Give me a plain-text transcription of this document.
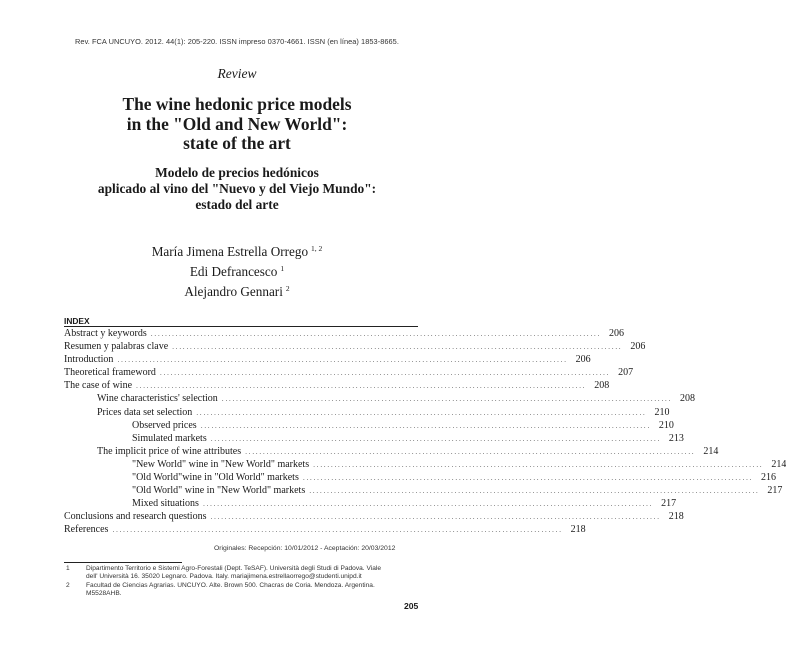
Rev. FCA UNCUYO. 2012. 44(1): 205-220. ISSN impreso 0370-4661. ISSN (en línea) 1853-8665.
Review
The wine hedonic price models
in the "Old and New World":
state of the art
Modelo de precios hedónicos
aplicado al vino del "Nuevo y del Viejo Mundo":
estado del arte
María Jimena Estrella Orrego $^{1, 2}$
Edi Defrancesco $^1$
Alejandro Gennari $^2$
INDEX
Abstract y keywords ............................................................................................................................... 206
Resumen y palabras clave ............................................................................................................................... 206
Introduction ............................................................................................................................... 206
Theoretical frameword ............................................................................................................................... 207
The case of wine ............................................................................................................................... 208
Wine characteristics' selection ............................................................................................................................... 208
Prices data set selection ............................................................................................................................... 210
Observed prices ............................................................................................................................... 210
Simulated markets ............................................................................................................................... 213
The implicit price of wine attributes ............................................................................................................................... 214
"New World" wine in "New World" markets ............................................................................................................................... 214
"Old World"wine in "Old World" markets ............................................................................................................................... 216
"Old World" wine in "New World" markets ............................................................................................................................... 217
Mixed situations ............................................................................................................................... 217
Conclusions and research questions ............................................................................................................................... 218
References ............................................................................................................................... 218
Originales: Recepción: 10/01/2012 - Aceptación: 20/03/2012
1	Dipartimento Territorio e Sistemi Agro-Forestali (Dept. TeSAF). Università degli Studi di Padova. Viale
dell' Università 16. 35020 Legnaro. Padova. Italy. mariajimena.estrellaorrego@studenti.unipd.it
2	Facultad de Ciencias Agrarias. UNCUYO. Alte. Brown 500. Chacras de Coria. Mendoza. Argentina.
M5528AHB.
205
